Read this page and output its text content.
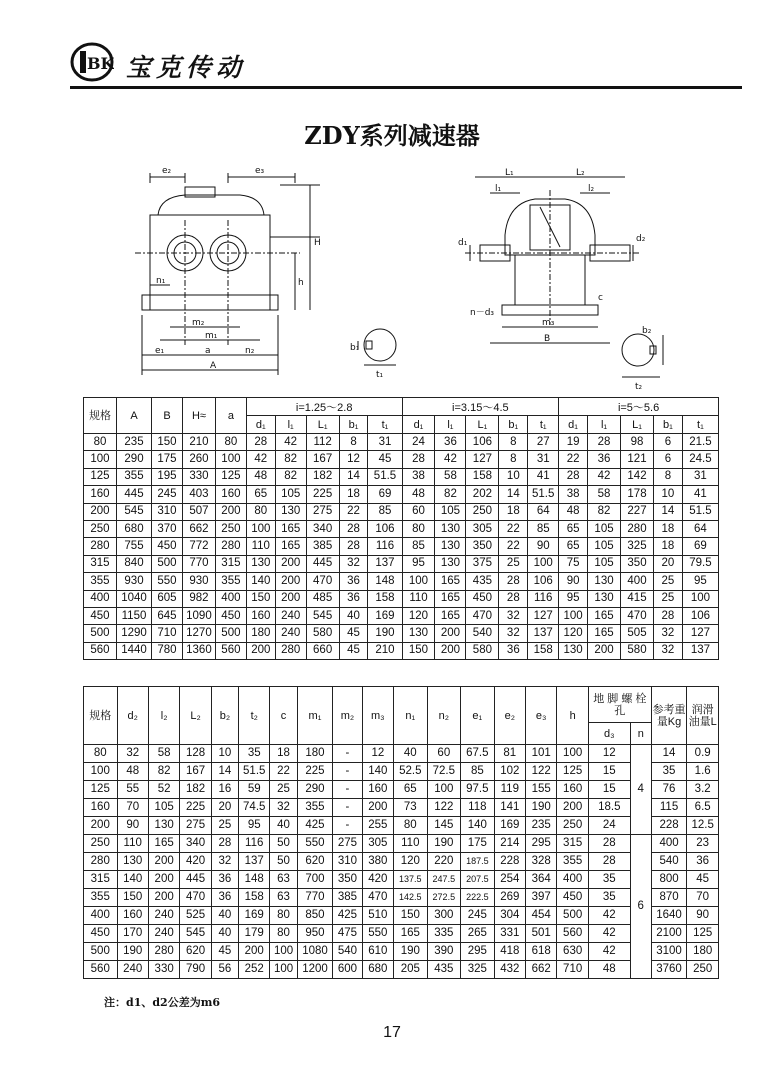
BK 宝克传动
ZDY系列减速器
e₂	e₃
H
h
n₁
m₂
m₁
e₁	a	n₂
A
b₁
t₁
L₁	L₂
l₁	l₂
d₁	d₂
c
n－d₃
m₃
B
b₂
t₂
规格	A	B	H≈	a	i=1.25～2.8					i=3.15～4.5					i=5～5.6				
					d₁	l₁	L₁	b₁	t₁	d₁	l₁	L₁	b₁	t₁	d₁	l₁	L₁	b₁	t₁
80	235	150	210	80	28	42	112	8	31	24	36	106	8	27	19	28	98	6	21.5
100	290	175	260	100	42	82	167	12	45	28	42	127	8	31	22	36	121	6	24.5
125	355	195	330	125	48	82	182	14	51.5	38	58	158	10	41	28	42	142	8	31
160	445	245	403	160	65	105	225	18	69	48	82	202	14	51.5	38	58	178	10	41
200	545	310	507	200	80	130	275	22	85	60	105	250	18	64	48	82	227	14	51.5
250	680	370	662	250	100	165	340	28	106	80	130	305	22	85	65	105	280	18	64
280	755	450	772	280	110	165	385	28	116	85	130	350	22	90	65	105	325	18	69
315	840	500	770	315	130	200	445	32	137	95	130	375	25	100	75	105	350	20	79.5
355	930	550	930	355	140	200	470	36	148	100	165	435	28	106	90	130	400	25	95
400	1040	605	982	400	150	200	485	36	158	110	165	450	28	116	95	130	415	25	100
450	1150	645	1090	450	160	240	545	40	169	120	165	470	32	127	100	165	470	28	106
500	1290	710	1270	500	180	240	580	45	190	130	200	540	32	137	120	165	505	32	127
560	1440	780	1360	560	200	280	660	45	210	150	200	580	36	158	130	200	580	32	137
规格	d₂	l₂	L₂	b₂	t₂	c	m₁	m₂	m₃	n₁	n₂	e₁	e₂	e₃	h	地 脚 螺 栓 孔		参考重量Kg	润滑油量L
																d₃	n		
80	32	58	128	10	35	18	180	-	12	40	60	67.5	81	101	100	12	4	14	0.9
100	48	82	167	14	51.5	22	225	-	140	52.5	72.5	85	102	122	125	15		35	1.6
125	55	52	182	16	59	25	290	-	160	65	100	97.5	119	155	160	15		76	3.2
160	70	105	225	20	74.5	32	355	-	200	73	122	118	141	190	200	18.5		115	6.5
200	90	130	275	25	95	40	425	-	255	80	145	140	169	235	250	24		228	12.5
250	110	165	340	28	116	50	550	275	305	110	190	175	214	295	315	28	6	400	23
280	130	200	420	32	137	50	620	310	380	120	220	187.5	228	328	355	28		540	36
315	140	200	445	36	148	63	700	350	420	137.5	247.5	207.5	254	364	400	35		800	45
355	150	200	470	36	158	63	770	385	470	142.5	272.5	222.5	269	397	450	35		870	70
400	160	240	525	40	169	80	850	425	510	150	300	245	304	454	500	42		1640	90
450	170	240	545	40	179	80	950	475	550	165	335	265	331	501	560	42		2100	125
500	190	280	620	45	200	100	1080	540	610	190	390	295	418	618	630	42		3100	180
560	240	330	790	56	252	100	1200	600	680	205	435	325	432	662	710	48		3760	250
注：d1、d2公差为m6
17
